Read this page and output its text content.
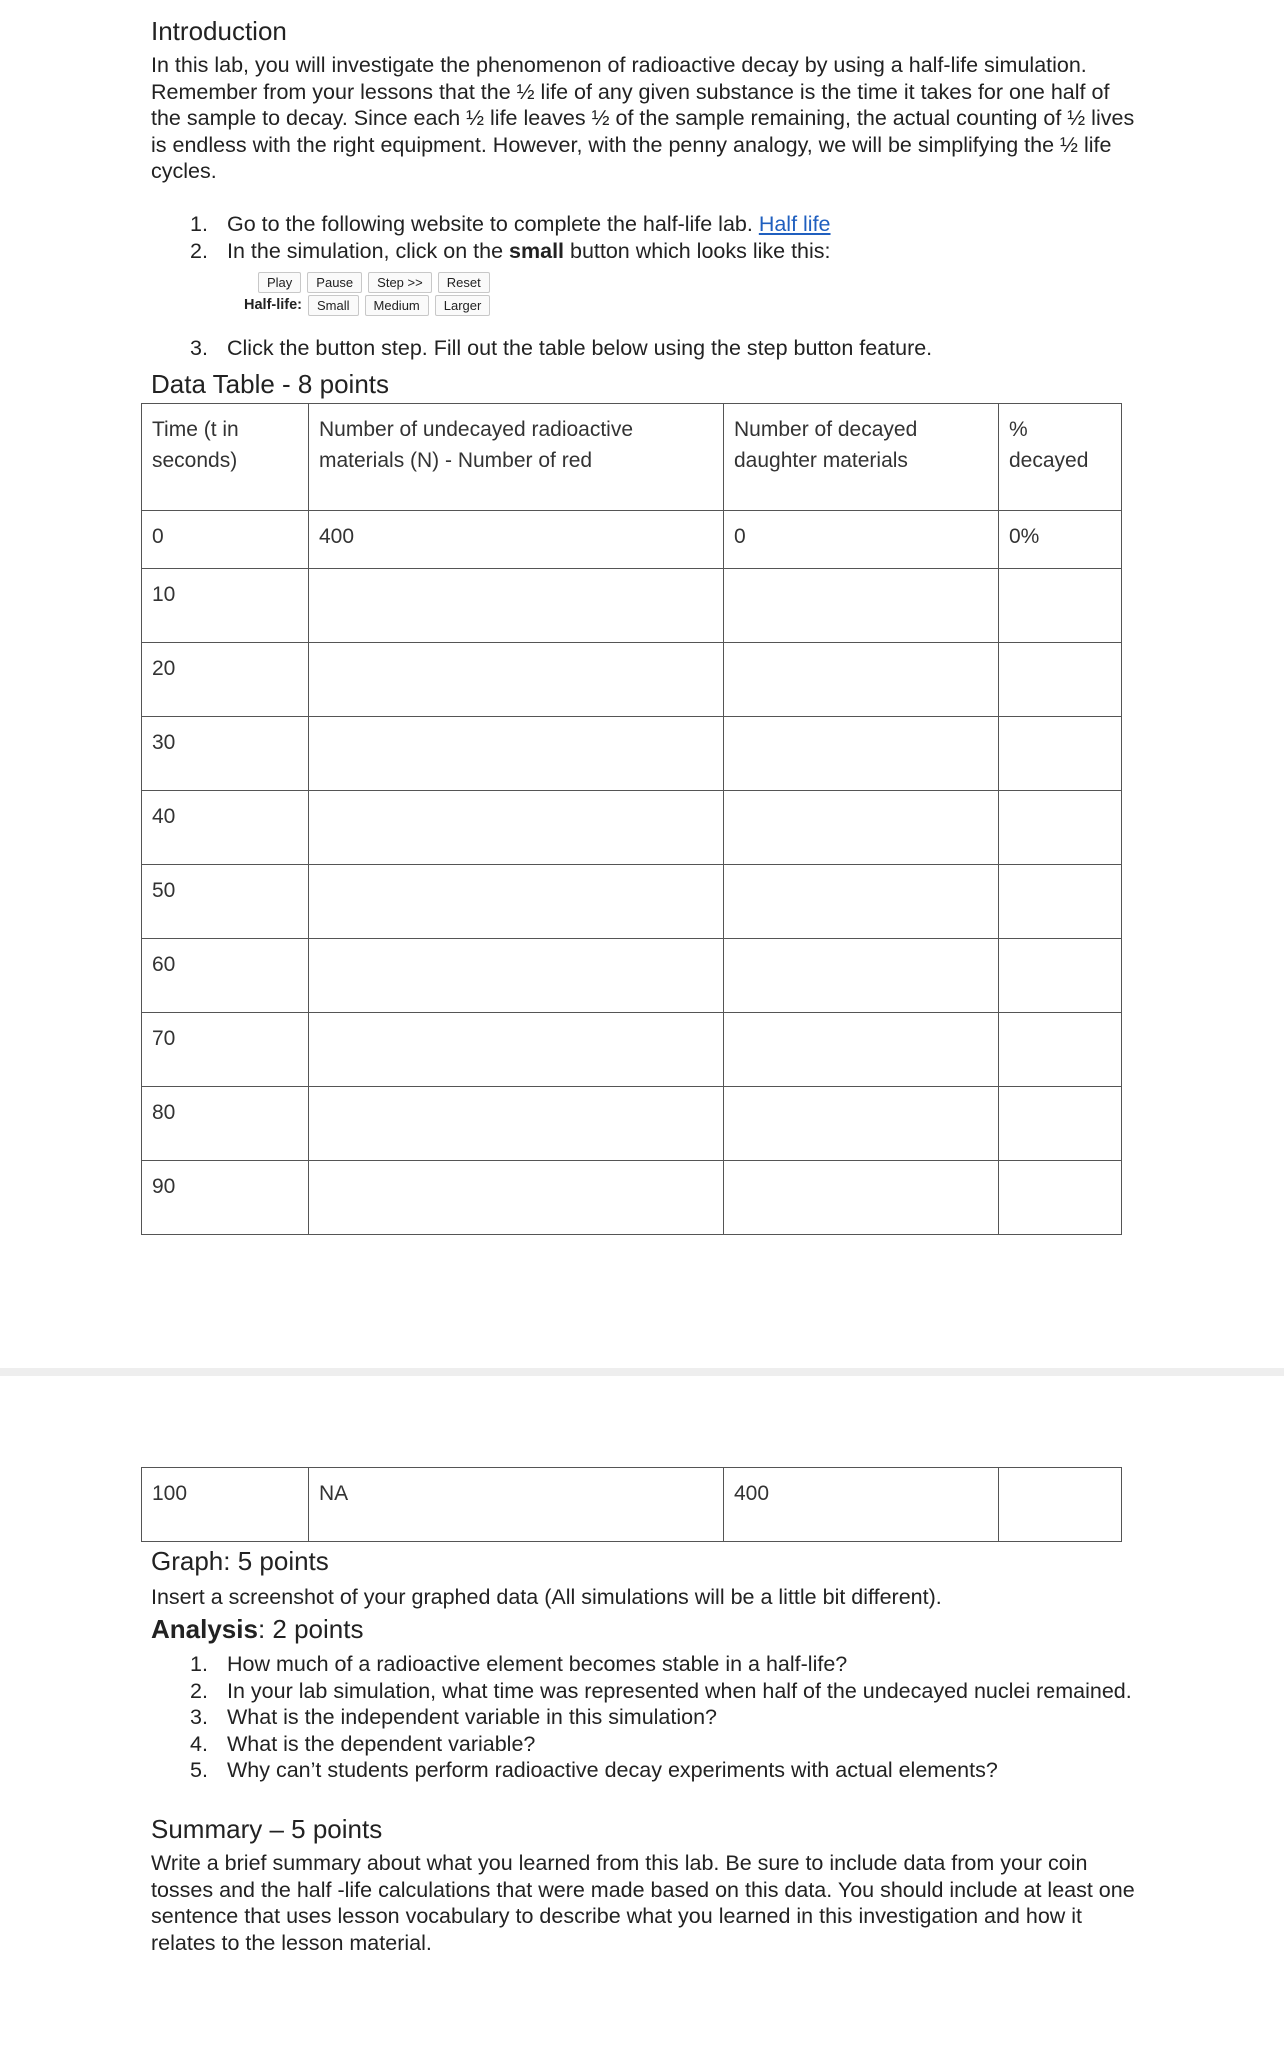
Introduction

In this lab, you will investigate the phenomenon of radioactive decay by using a half-life simulation. Remember from your lessons that the ½ life of any given substance is the time it takes for one half of the sample to decay. Since each ½ life leaves ½ of the sample remaining, the actual counting of ½ lives is endless with the right equipment. However, with the penny analogy, we will be simplifying the ½ life cycles.

1. Go to the following website to complete the half-life lab. Half life
2. In the simulation, click on the small button which looks like this:
Play	Pause	Step >>	Reset
Half-life:	Small	Medium	Larger
3. Click the button step. Fill out the table below using the step button feature.
Data Table - 8 points
Time (t in seconds)	Number of undecayed radioactive materials (N) - Number of red	Number of decayed daughter materials	% decayed
0	400	0	0%
10			
20			
30			
40			
50			
60			
70			
80			
90			
100	NA	400	
Graph: 5 points

Insert a screenshot of your graphed data (All simulations will be a little bit different).

Analysis: 2 points
1. How much of a radioactive element becomes stable in a half-life?
2. In your lab simulation, what time was represented when half of the undecayed nuclei remained.
3. What is the independent variable in this simulation?
4. What is the dependent variable?
5. Why can’t students perform radioactive decay experiments with actual elements?
Summary – 5 points

Write a brief summary about what you learned from this lab. Be sure to include data from your coin tosses and the half -life calculations that were made based on this data. You should include at least one sentence that uses lesson vocabulary to describe what you learned in this investigation and how it relates to the lesson material.
